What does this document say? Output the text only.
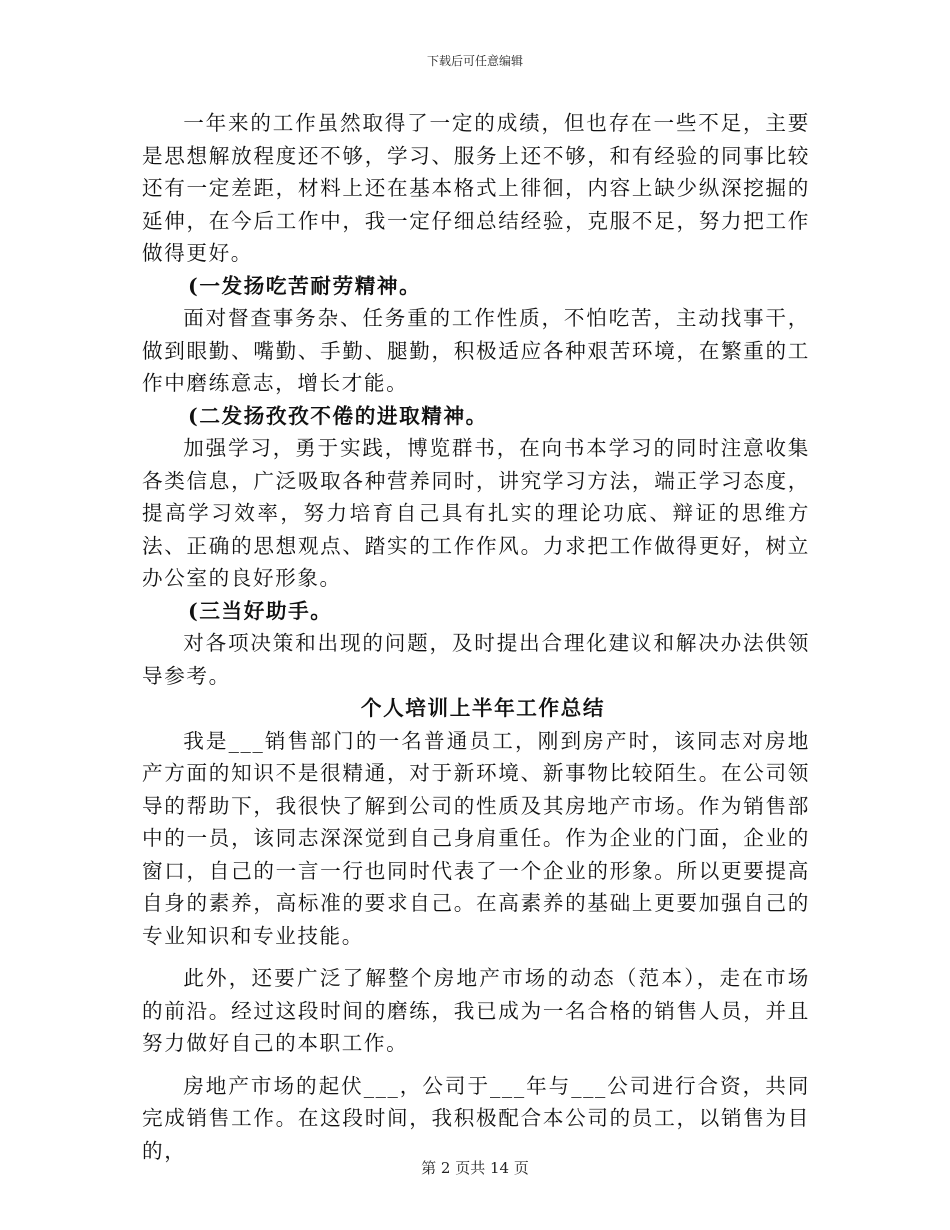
下载后可任意编辑

一年来的工作虽然取得了一定的成绩，但也存在一些不足，主要是思想解放程度还不够，学习、服务上还不够，和有经验的同事比较还有一定差距，材料上还在基本格式上徘徊，内容上缺少纵深挖掘的延伸，在今后工作中，我一定仔细总结经验，克服不足，努力把工作做得更好。

(一发扬吃苦耐劳精神。

面对督查事务杂、任务重的工作性质，不怕吃苦，主动找事干，做到眼勤、嘴勤、手勤、腿勤，积极适应各种艰苦环境，在繁重的工作中磨练意志，增长才能。

(二发扬孜孜不倦的进取精神。

加强学习，勇于实践，博览群书，在向书本学习的同时注意收集各类信息，广泛吸取各种营养同时，讲究学习方法，端正学习态度，提高学习效率，努力培育自己具有扎实的理论功底、辩证的思维方法、正确的思想观点、踏实的工作作风。力求把工作做得更好，树立办公室的良好形象。

(三当好助手。

对各项决策和出现的问题，及时提出合理化建议和解决办法供领导参考。

个人培训上半年工作总结

我是___销售部门的一名普通员工，刚到房产时，该同志对房地产方面的知识不是很精通，对于新环境、新事物比较陌生。在公司领导的帮助下，我很快了解到公司的性质及其房地产市场。作为销售部中的一员，该同志深深觉到自己身肩重任。作为企业的门面，企业的窗口，自己的一言一行也同时代表了一个企业的形象。所以更要提高自身的素养，高标准的要求自己。在高素养的基础上更要加强自己的专业知识和专业技能。

此外，还要广泛了解整个房地产市场的动态（范本），走在市场的前沿。经过这段时间的磨练，我已成为一名合格的销售人员，并且努力做好自己的本职工作。

房地产市场的起伏___，公司于___年与___公司进行合资，共同完成销售工作。在这段时间，我积极配合本公司的员工，以销售为目的，

第 2 页共 14 页
